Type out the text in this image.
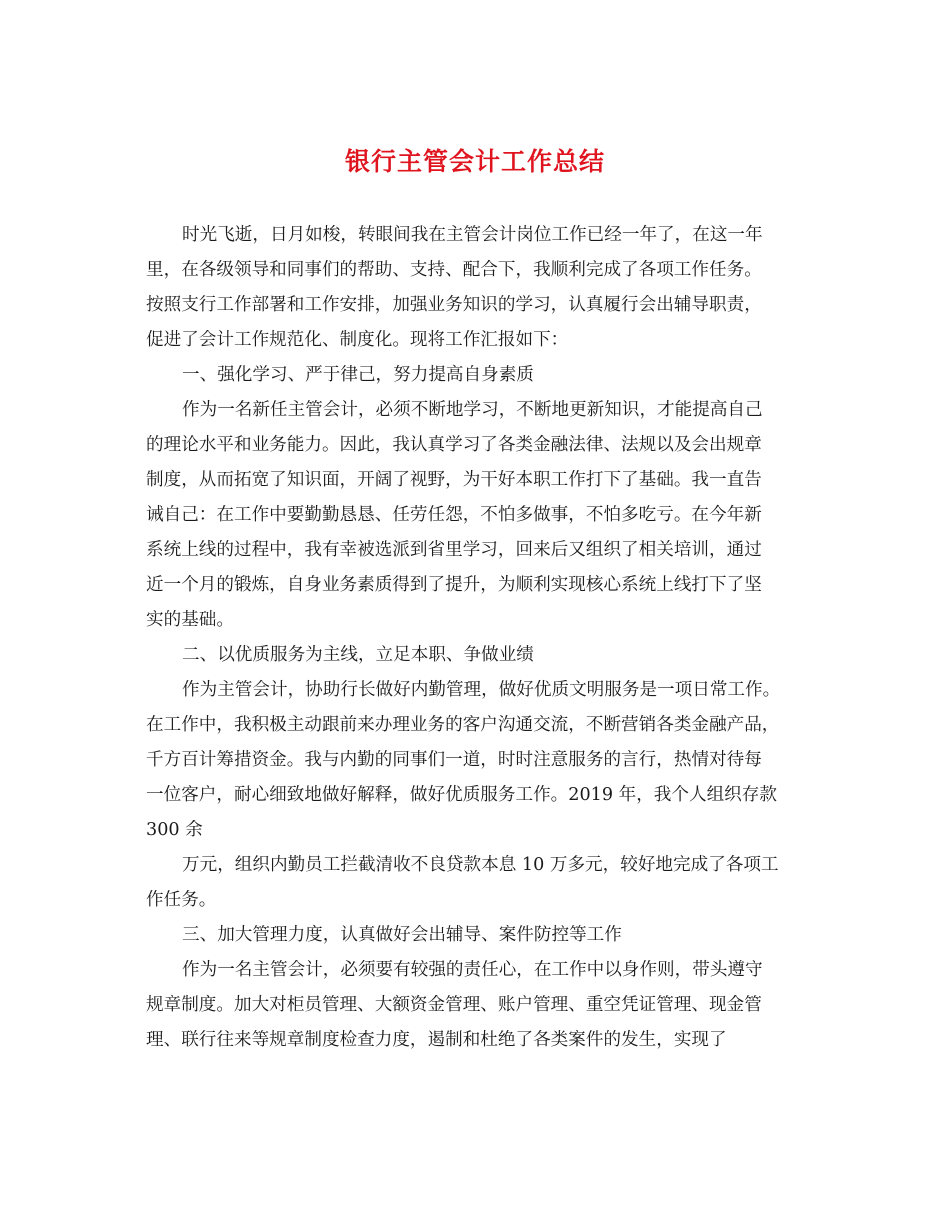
银行主管会计工作总结
时光飞逝，日月如梭，转眼间我在主管会计岗位工作已经一年了，在这一年
里，在各级领导和同事们的帮助、支持、配合下，我顺利完成了各项工作任务。
按照支行工作部署和工作安排，加强业务知识的学习，认真履行会出辅导职责，
促进了会计工作规范化、制度化。现将工作汇报如下：
一、强化学习、严于律己，努力提高自身素质
作为一名新任主管会计，必须不断地学习，不断地更新知识，才能提高自己
的理论水平和业务能力。因此，我认真学习了各类金融法律、法规以及会出规章
制度，从而拓宽了知识面，开阔了视野，为干好本职工作打下了基础。我一直告
诫自己：在工作中要勤勤恳恳、任劳任怨，不怕多做事，不怕多吃亏。在今年新
系统上线的过程中，我有幸被选派到省里学习，回来后又组织了相关培训，通过
近一个月的锻炼，自身业务素质得到了提升，为顺利实现核心系统上线打下了坚
实的基础。
二、以优质服务为主线，立足本职、争做业绩
作为主管会计，协助行长做好内勤管理，做好优质文明服务是一项日常工作。
在工作中，我积极主动跟前来办理业务的客户沟通交流，不断营销各类金融产品，
千方百计筹措资金。我与内勤的同事们一道，时时注意服务的言行，热情对待每
一位客户，耐心细致地做好解释，做好优质服务工作。2019 年，我个人组织存款
300 余
万元，组织内勤员工拦截清收不良贷款本息 10 万多元，较好地完成了各项工
作任务。
三、加大管理力度，认真做好会出辅导、案件防控等工作
作为一名主管会计，必须要有较强的责任心，在工作中以身作则，带头遵守
规章制度。加大对柜员管理、大额资金管理、账户管理、重空凭证管理、现金管
理、联行往来等规章制度检查力度，遏制和杜绝了各类案件的发生，实现了
